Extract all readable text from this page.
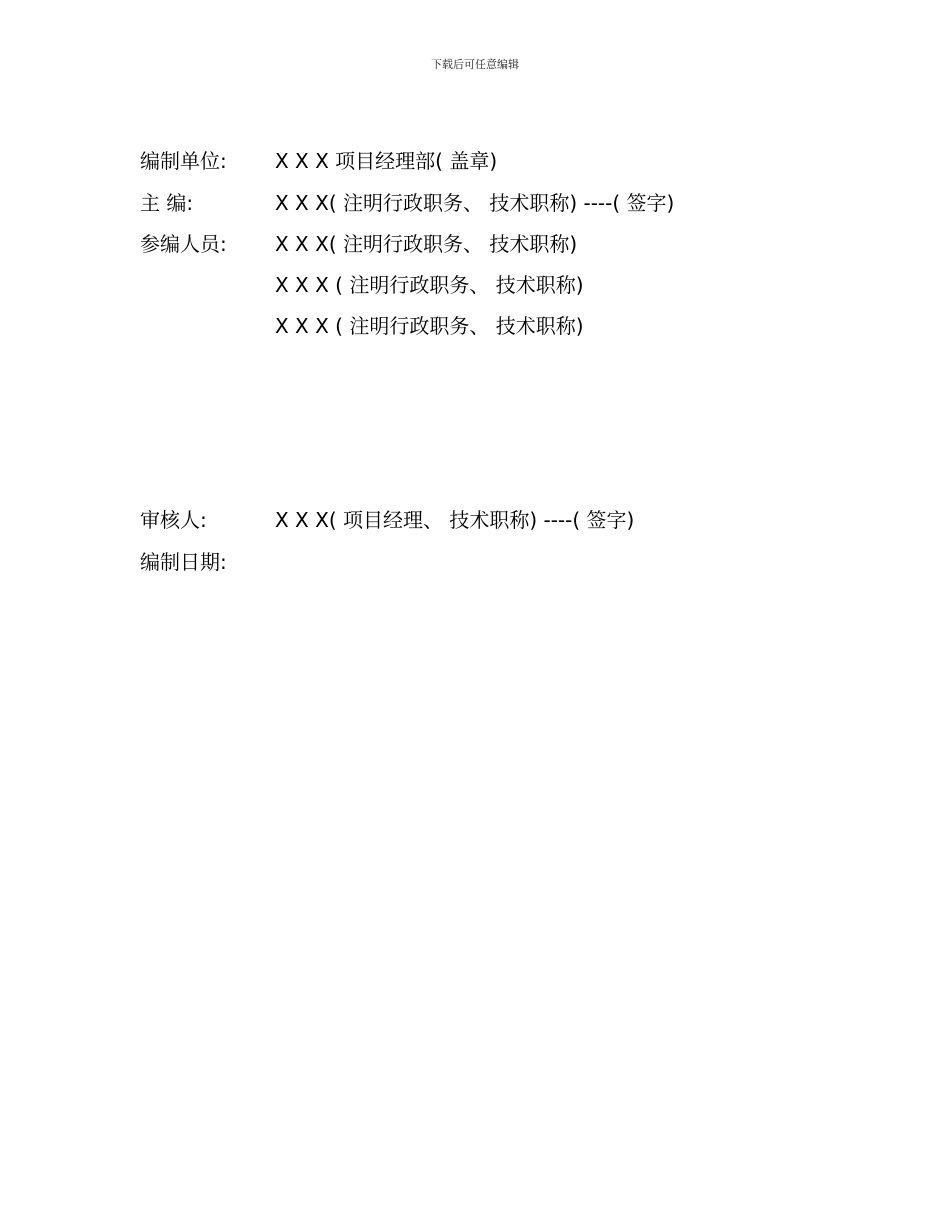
下载后可任意编辑
编制单位: X X X 项目经理部( 盖章)
主 编:	X X X( 注明行政职务、 技术职称) ----( 签字)
参编人员: X X X( 注明行政职务、 技术职称)
X X X ( 注明行政职务、 技术职称)
X X X ( 注明行政职务、 技术职称)
审核人:	X X X( 项目经理、 技术职称) ----( 签字)
编制日期:
